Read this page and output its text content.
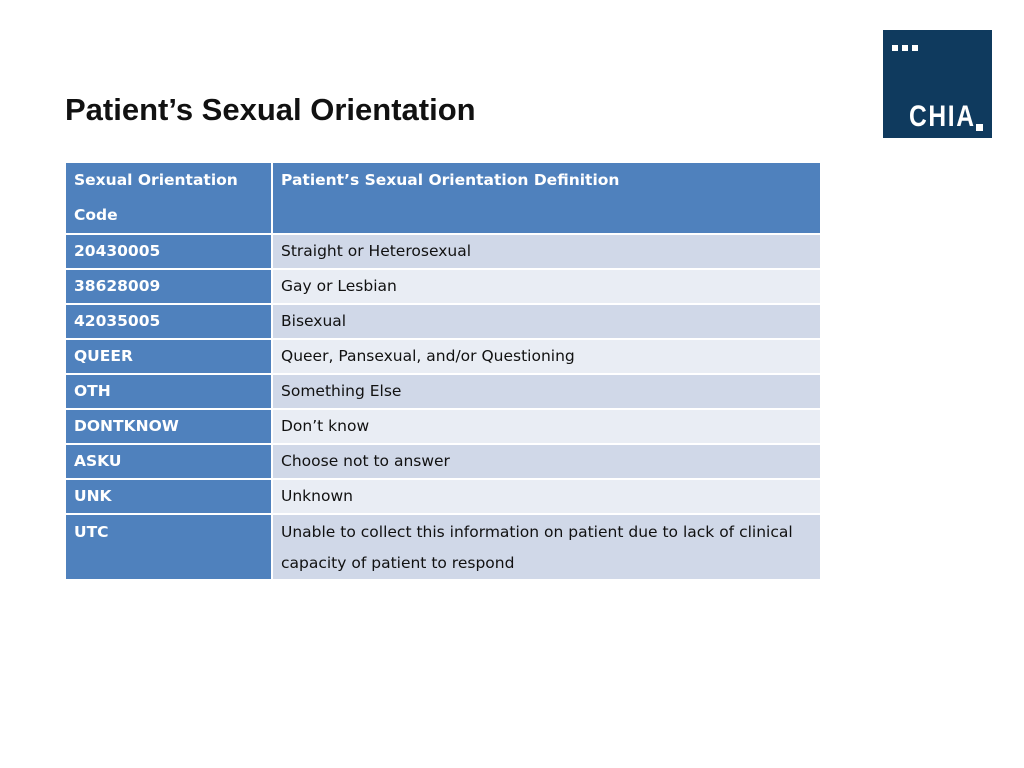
Patient’s Sexual Orientation	CHIA
Sexual Orientation Code	Patient’s Sexual Orientation Definition
20430005	Straight or Heterosexual
38628009	Gay or Lesbian
42035005	Bisexual
QUEER	Queer, Pansexual, and/or Questioning
OTH	Something Else
DONTKNOW	Don’t know
ASKU	Choose not to answer
UNK	Unknown
UTC	Unable to collect this information on patient due to lack of clinical capacity of patient to respond
